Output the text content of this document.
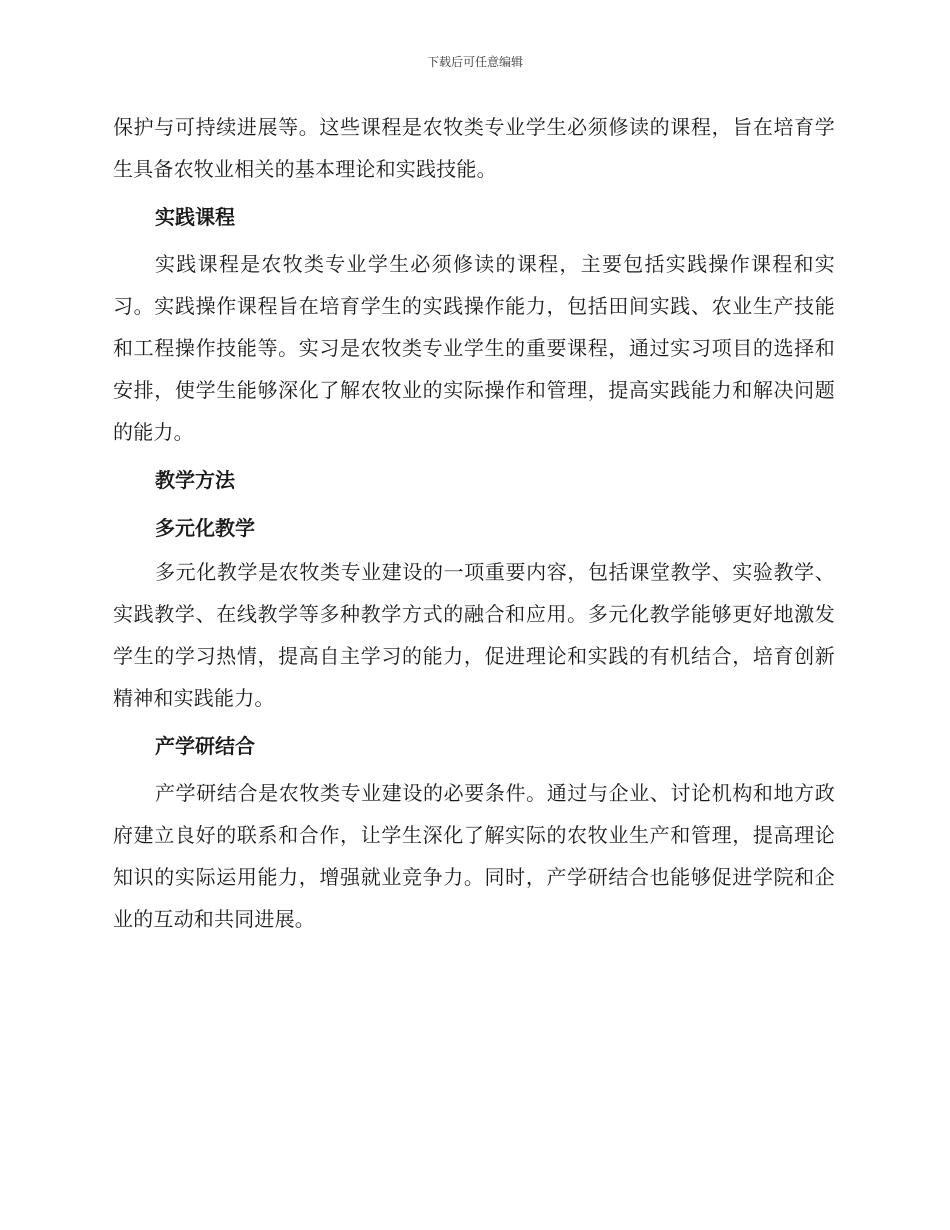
下载后可任意编辑

保护与可持续进展等。这些课程是农牧类专业学生必须修读的课程，旨在培育学生具备农牧业相关的基本理论和实践技能。

实践课程

实践课程是农牧类专业学生必须修读的课程，主要包括实践操作课程和实习。实践操作课程旨在培育学生的实践操作能力，包括田间实践、农业生产技能和工程操作技能等。实习是农牧类专业学生的重要课程，通过实习项目的选择和安排，使学生能够深化了解农牧业的实际操作和管理，提高实践能力和解决问题的能力。

教学方法
多元化教学

多元化教学是农牧类专业建设的一项重要内容，包括课堂教学、实验教学、实践教学、在线教学等多种教学方式的融合和应用。多元化教学能够更好地激发学生的学习热情，提高自主学习的能力，促进理论和实践的有机结合，培育创新精神和实践能力。

产学研结合

产学研结合是农牧类专业建设的必要条件。通过与企业、讨论机构和地方政府建立良好的联系和合作，让学生深化了解实际的农牧业生产和管理，提高理论知识的实际运用能力，增强就业竞争力。同时，产学研结合也能够促进学院和企业的互动和共同进展。
